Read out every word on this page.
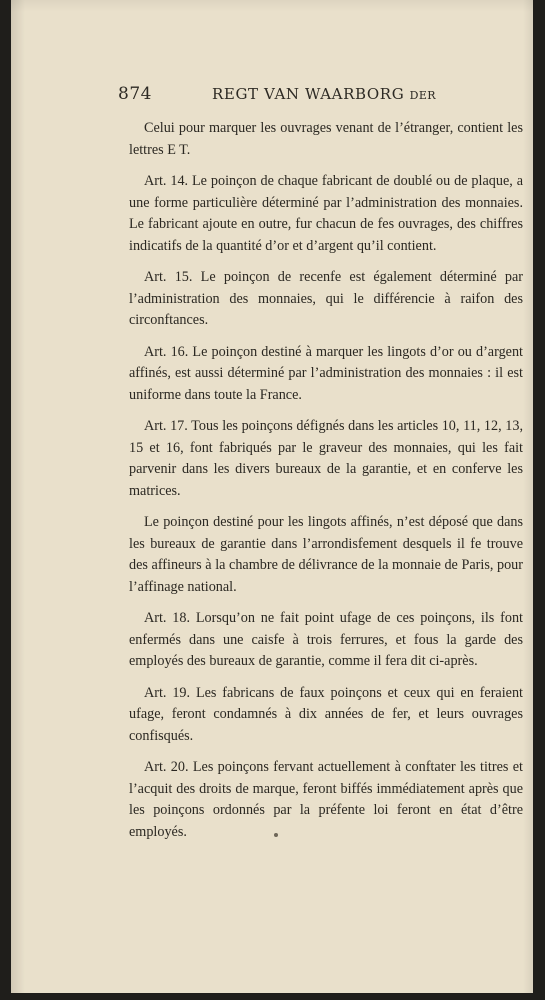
874	REGT VAN WAARBORG DER

Celui pour marquer les ouvrages venant de l’étranger, contient les lettres E T.

Art. 14. Le poinçon de chaque fabricant de doublé ou de plaque, a une forme particulière déterminé par l’administration des monnaies. Le fabricant ajoute en outre, fur chacun de fes ouvrages, des chiffres indicatifs de la quantité d’or et d’argent qu’il contient.

Art. 15. Le poinçon de recenfe est également déterminé par l’administration des monnaies, qui le différencie à raifon des circonftances.

Art. 16. Le poinçon destiné à marquer les lingots d’or ou d’argent affinés, est aussi déterminé par l’administration des monnaies : il est uniforme dans toute la France.

Art. 17. Tous les poinçons défignés dans les articles 10, 11, 12, 13, 15 et 16, font fabriqués par le graveur des monnaies, qui les fait parvenir dans les divers bureaux de la garantie, et en conferve les matrices.

Le poinçon destiné pour les lingots affinés, n’est déposé que dans les bureaux de garantie dans l’arrondisfement desquels il fe trouve des affineurs à la chambre de délivrance de la monnaie de Paris, pour l’affinage national.

Art. 18. Lorsqu’on ne fait point ufage de ces poinçons, ils font enfermés dans une caisfe à trois ferrures, et fous la garde des employés des bureaux de garantie, comme il fera dit ci-après.

Art. 19. Les fabricans de faux poinçons et ceux qui en feraient ufage, feront condamnés à dix années de fer, et leurs ouvrages confisqués.

Art. 20. Les poinçons fervant actuellement à conftater les titres et l’acquit des droits de marque, feront biffés immédiatement après que les poinçons ordonnés par la préfente loi feront en état d’être employés.
